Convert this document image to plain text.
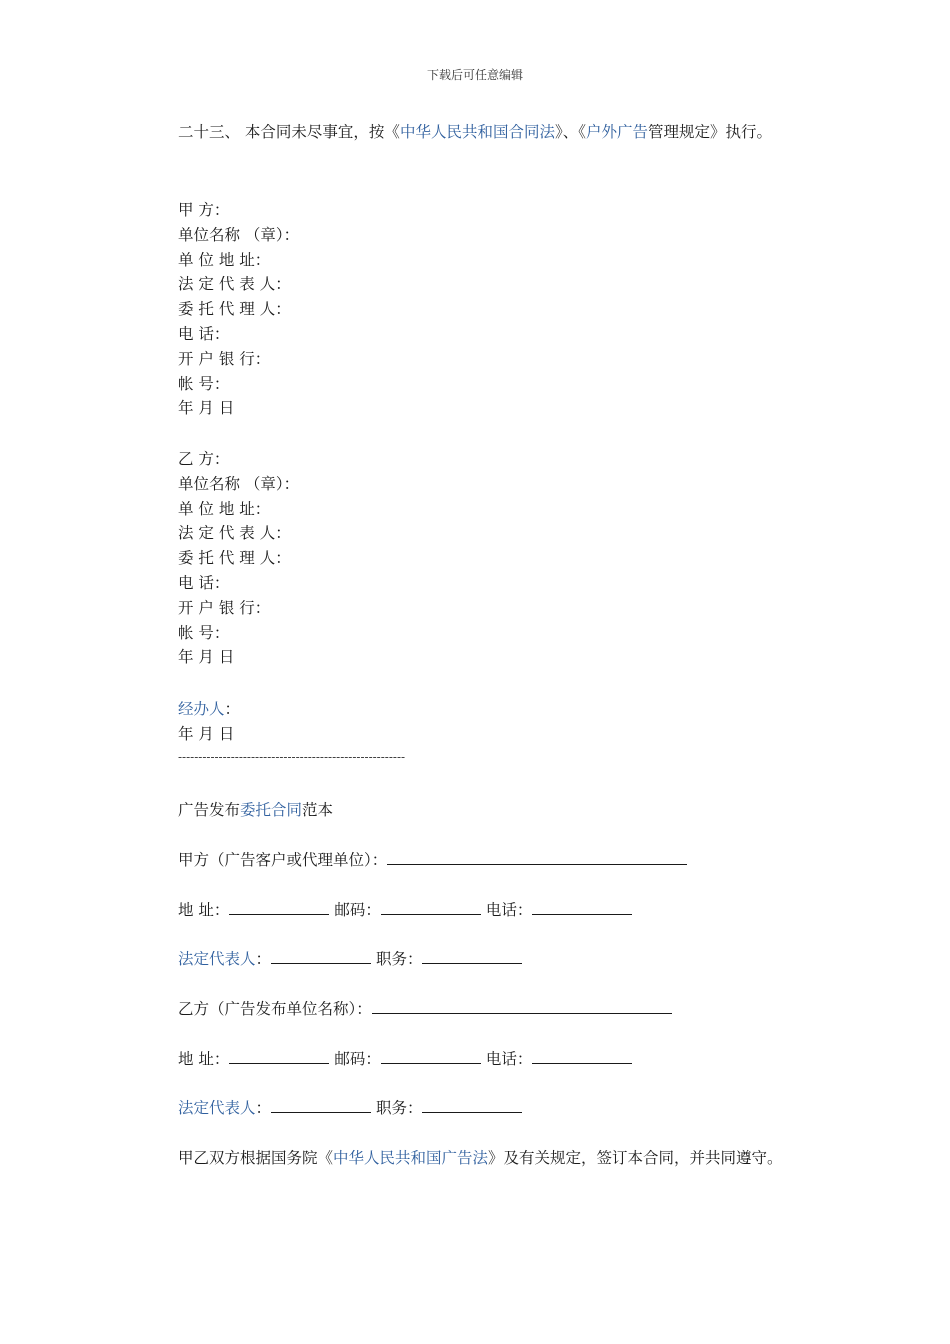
下载后可任意编辑

二十三、 本合同未尽事宜，按《中华人民共和国合同法》、《户外广告管理规定》执行。

甲 方：
单位名称 （章）：
单 位 地 址：
法 定 代 表 人：
委 托 代 理 人：
电 话：
开 户 银 行：
帐 号：
年 月 日
乙 方：
单位名称 （章）：
单 位 地 址：
法 定 代 表 人：
委 托 代 理 人：
电 话：
开 户 银 行：
帐 号：
年 月 日
经办人：
年 月 日
--------------------------------------------------------
广告发布委托合同范本
甲方（广告客户或代理单位）：
地 址：	邮码：	电话：
法定代表人：	职务：
乙方（广告发布单位名称）：
地 址：	邮码：	电话：
法定代表人：	职务：

甲乙双方根据国务院《中华人民共和国广告法》及有关规定，签订本合同，并共同遵守。
